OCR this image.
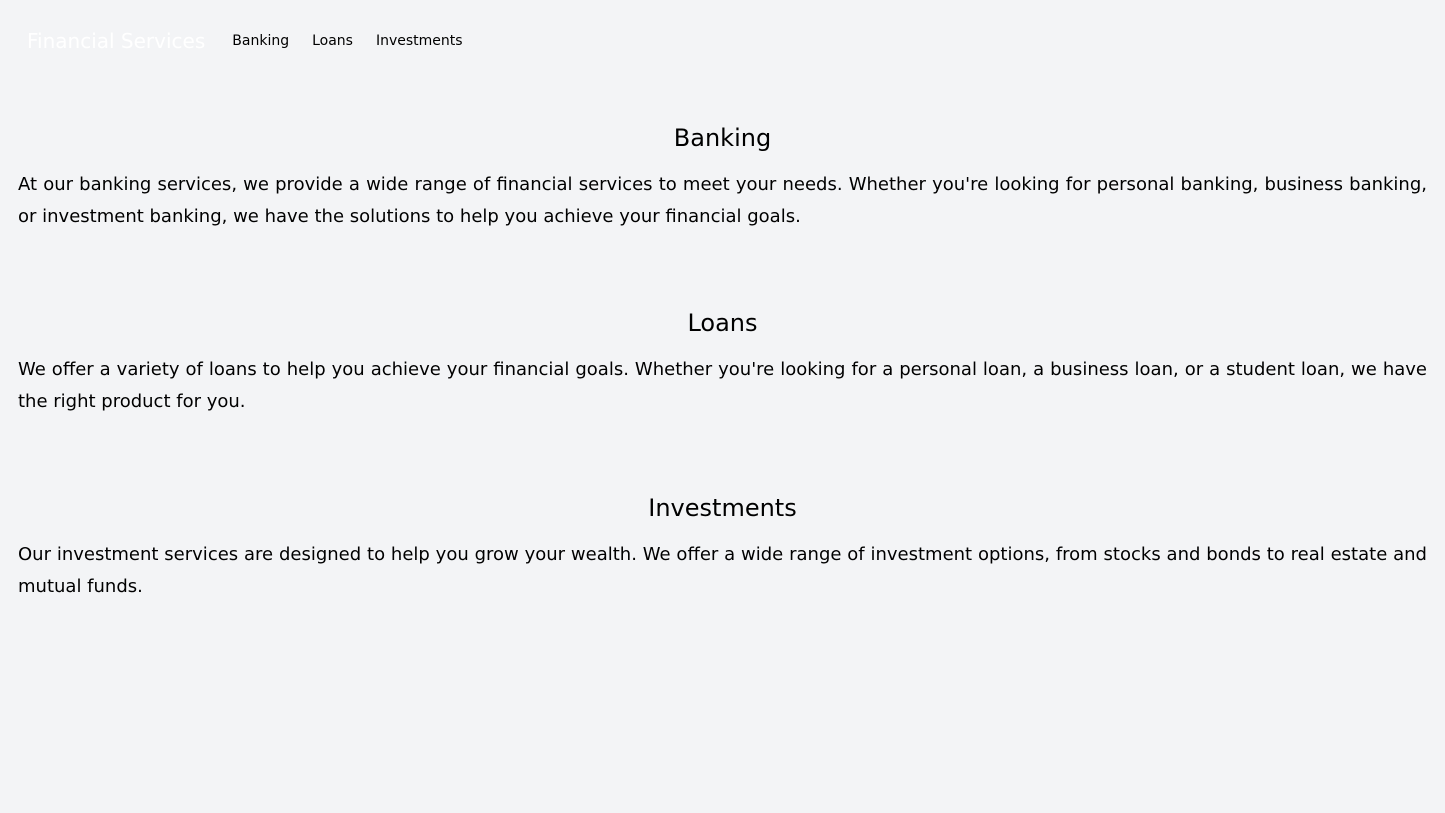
Financial Services Banking Loans Investments
Banking

At our banking services, we provide a wide range of financial services to meet your needs. Whether you're looking for personal banking, business banking, or investment banking, we have the solutions to help you achieve your financial goals.

Loans

We offer a variety of loans to help you achieve your financial goals. Whether you're looking for a personal loan, a business loan, or a student loan, we have the right product for you.

Investments

Our investment services are designed to help you grow your wealth. We offer a wide range of investment options, from stocks and bonds to real estate and mutual funds.
